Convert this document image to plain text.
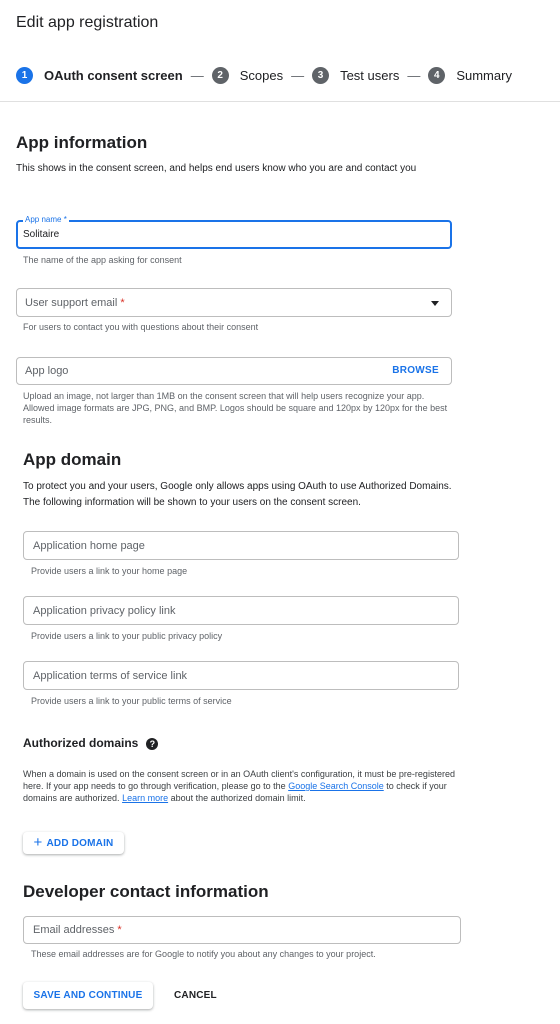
Edit app registration
1	OAuth consent screen —	2	Scopes —	3	Test users —	4	Summary
App information
This shows in the consent screen, and helps end users know who you are and contact you
App name *
Solitaire
The name of the app asking for consent
User support email *
For users to contact you with questions about their consent
App logo	BROWSE
Upload an image, not larger than 1MB on the consent screen that will help users recognize your app. Allowed image formats are JPG, PNG, and BMP. Logos should be square and 120px by 120px for the best results.
App domain
To protect you and your users, Google only allows apps using OAuth to use Authorized Domains. The following information will be shown to your users on the consent screen.
Application home page
Provide users a link to your home page
Application privacy policy link
Provide users a link to your public privacy policy
Application terms of service link
Provide users a link to your public terms of service
Authorized domains ?
When a domain is used on the consent screen or in an OAuth client's configuration, it must be pre-registered here. If your app needs to go through verification, please go to the Google Search Console to check if your domains are authorized. Learn more about the authorized domain limit.
+ ADD DOMAIN
Developer contact information
Email addresses *
These email addresses are for Google to notify you about any changes to your project.
SAVE AND CONTINUE	CANCEL
